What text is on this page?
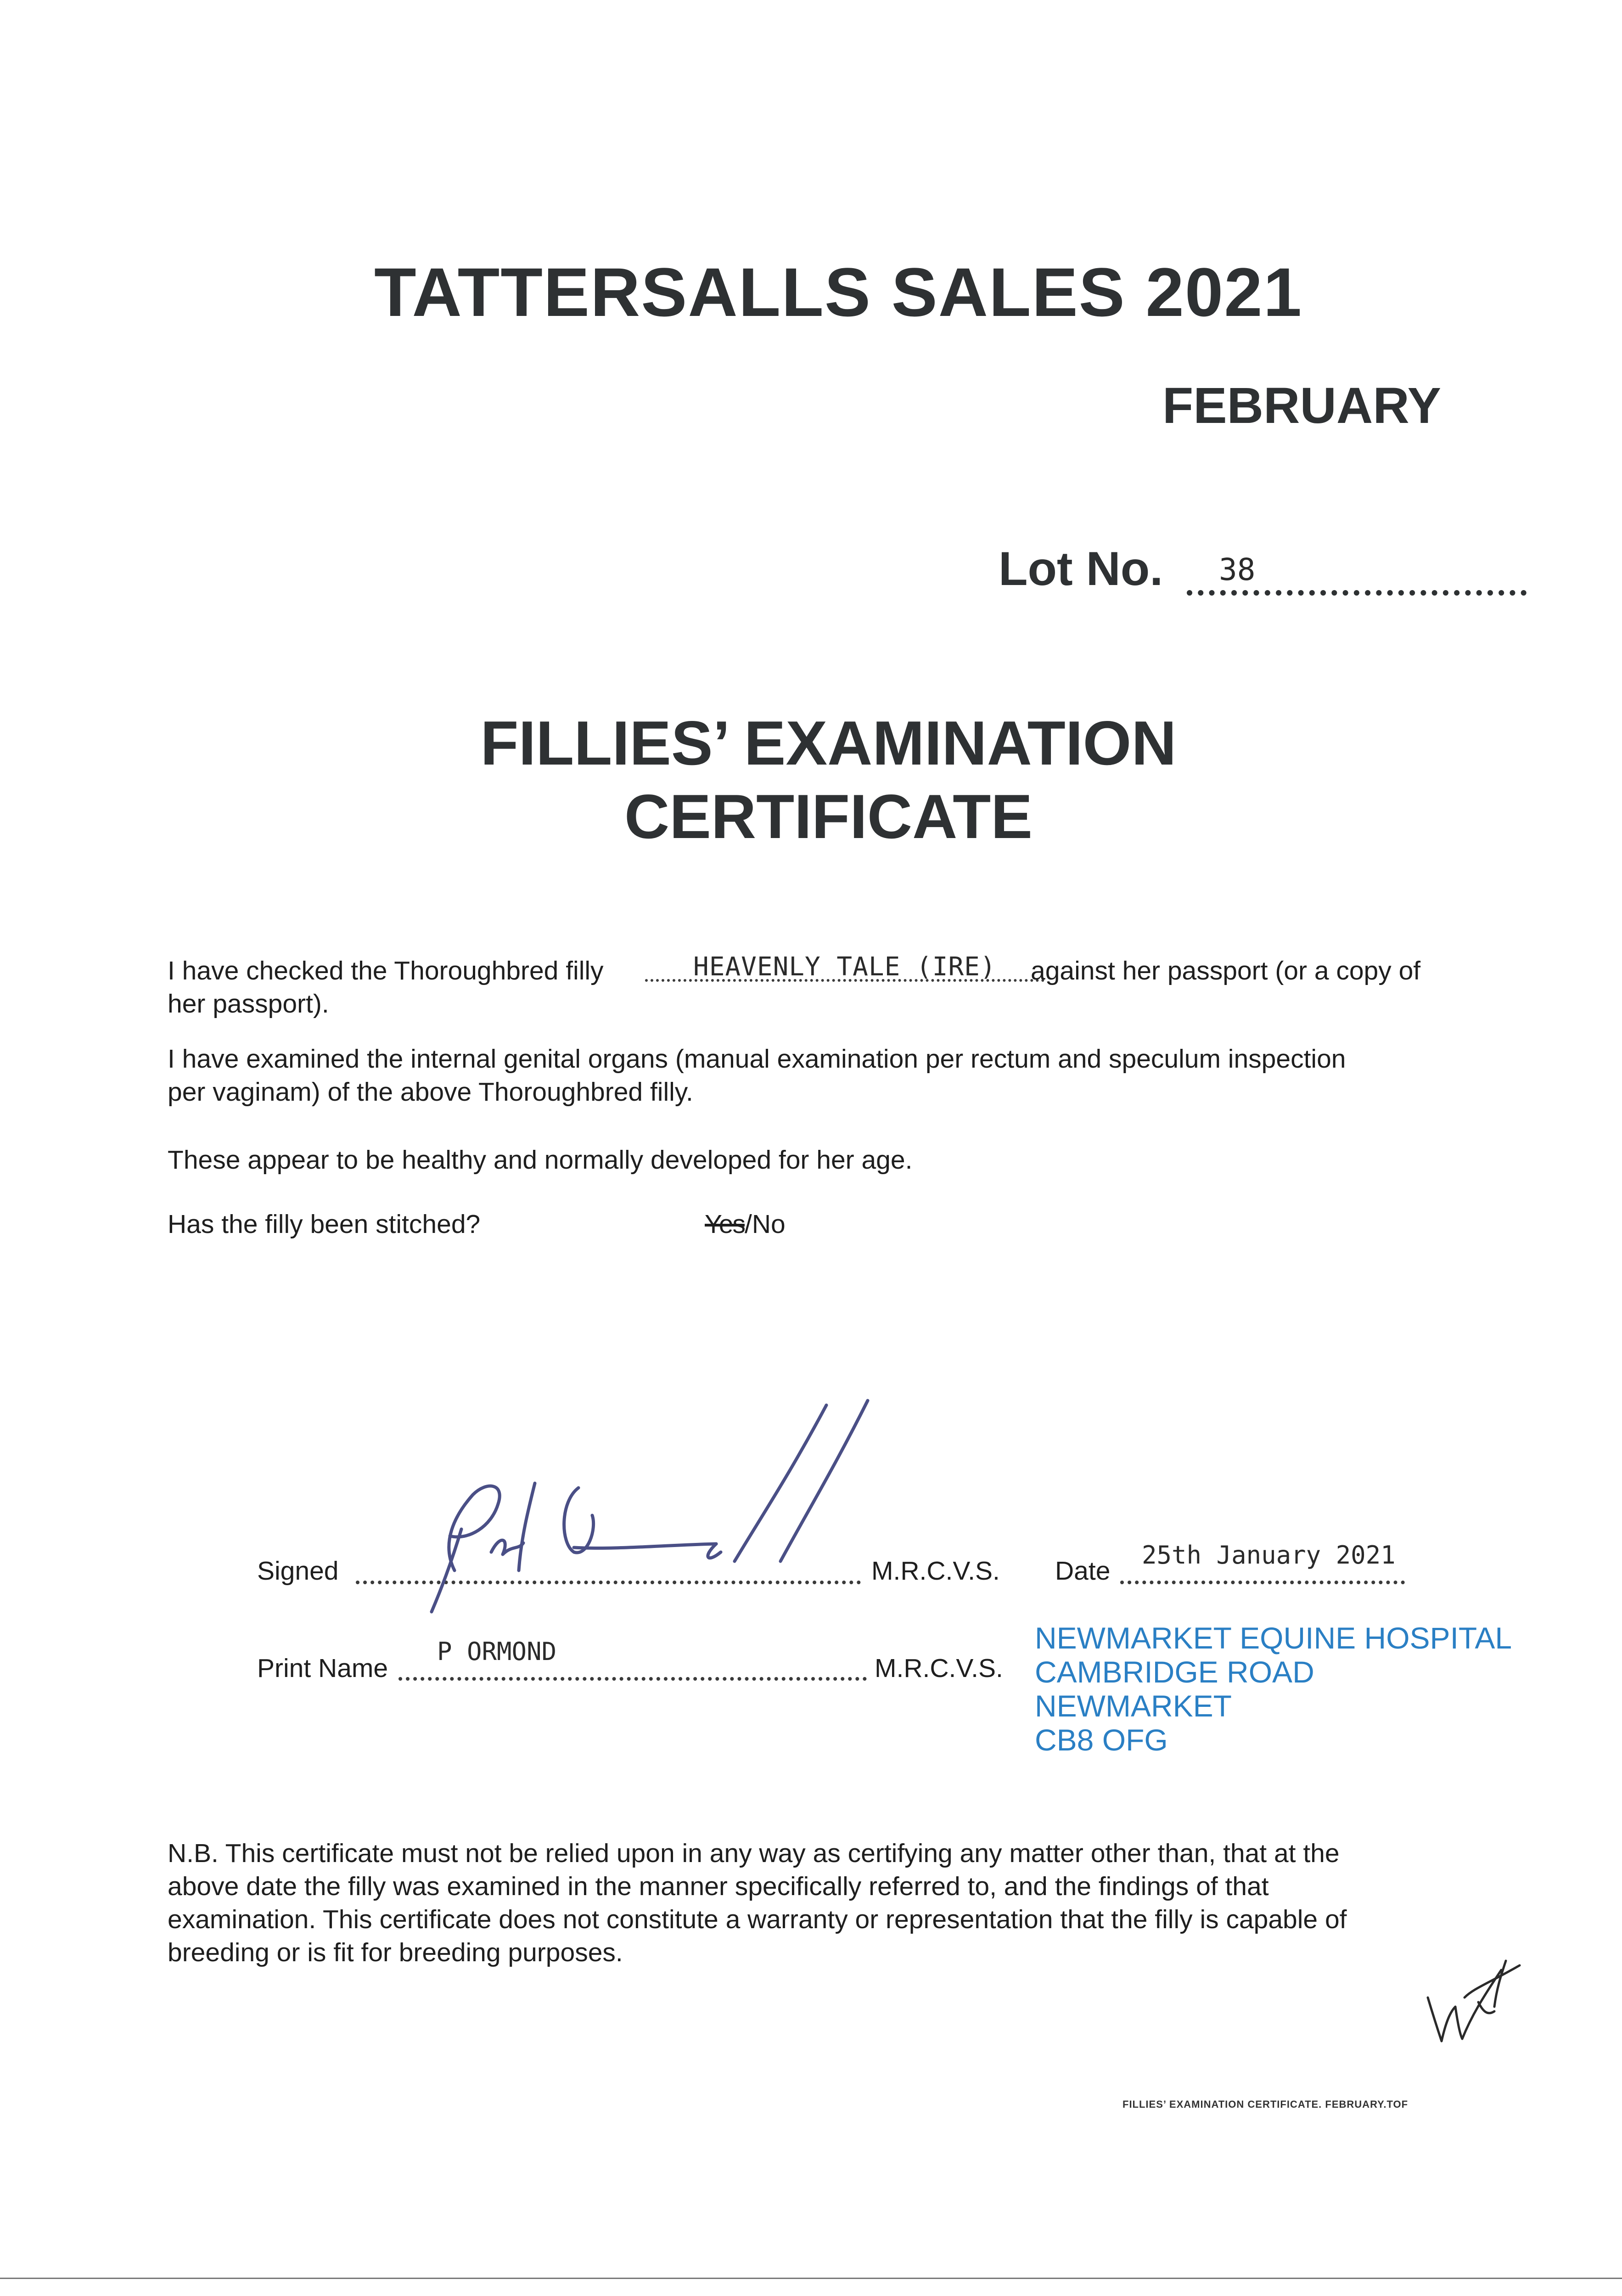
TATTERSALLS SALES 2021
FEBRUARY
Lot No. 38
FILLIES’ EXAMINATION
CERTIFICATE
I have checked the Thoroughbred filly	HEAVENLY TALE (IRE) against her passport (or a copy of
her passport).
I have examined the internal genital organs (manual examination per rectum and speculum inspection
per vaginam) of the above Thoroughbred filly.
These appear to be healthy and normally developed for her age.
Has the filly been stitched?	Yes/No
Signed	M.R.C.V.S. Date
25th January 2021
Print Name
P ORMOND
M.R.C.V.S.
NEWMARKET EQUINE HOSPITAL
CAMBRIDGE ROAD
NEWMARKET
CB8 OFG
N.B. This certificate must not be relied upon in any way as certifying any matter other than, that at the
above date the filly was examined in the manner specifically referred to, and the findings of that
examination. This certificate does not constitute a warranty or representation that the filly is capable of
breeding or is fit for breeding purposes.
FILLIES’ EXAMINATION CERTIFICATE. FEBRUARY.TOF
